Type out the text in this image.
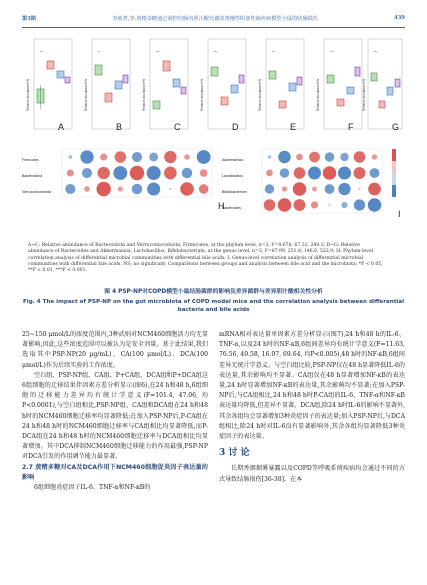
第3期	李菀菁,等.黄精多糖通过调控结肠内胆汁酸代谢改善慢性阻塞性肺疾病模型小鼠的结肠损伤	439
***	**	***	***	***	***	***
A	B	C	D	E	F	G
H
I
Relative abundance/%	Relative abundance/%	Relative abundance/%	Relative abundance/%	Relative abundance/%	Relative abundance/%	Relative abundance/%
Firmicutes
Bacteroidota
Verrucomicrobiota
Akkermansia
Lactobacillus
Bifidobacterium
Bacteroides
A~C: Relative abundance of Bacteroidota and Verrucomicrobiota, Firmicutes, at the phylum level, n=3, F=8.678, 67.32, 249.3; D~G: Relative
abundance of Bacteroides and Akkermansia, Lactobacillus, Bifidobacterium, at the genus level, n=3, F=87.99, 251.8, 146.6, 522.9; H: Phylum-level
correlation analysis of differential microbial communities with differential bile acids; I: Genus-level correlation analysis of differential microbial
communities with differential bile acids. NS: no significant; Comparisons between groups and analysis between bile acid and the microbiota: *P < 0.05,
**P < 0.01, ***P < 0.001.
图 4 PSP-NP对COPD模型小鼠结肠菌群的影响及差异菌群与差异胆汁酸相关性分析
Fig. 4 The impact of PSP-NP on the gut microbiota of COPD model mice and the correlation analysis between differential
bacteria and bile acids

25~150 μmol/L的浓度范围内,3种武则对NCM460细胞活力均无显著影响,因此,这些浓度范围可以被认为是安全剂量。基于此结果,我们选取其中PSP-NP(20 μg/mL)、CA(100 μmol/L)、DCA(100 μmol/L)作为后续实验的工作浓度。

空白组、PSP-NP组、CA组、P+CA组、DCA组和P+DCA组这6组细胞的迁移结果伴因素方差分析显示(图6),在24 h和48 h,6组细胞的迁移能力差异均有统计学意义(F=101.4, 47.06, 均P<0.0001),与空白组相比,PSP-NP组、CA组和DCA组在24 h和48 h时的NCM460细胞迁移率均显著降低;在加入PSP-NP后,P-CA组在24 h和48 h时的NCM460细胞迁移率与CA组相比均显著降低,而P-DCA组在24 h和48 h时的NCM460细胞迁移率与DCA组相比均显著增加。其中DCA抑制NCM460细胞迁移能力的作用最强,PSP-NP对DCA引发的作用调节能力最显著。

2.7 黄精多糖对CA及DCA作用下NCM460细胞促炎因子表达量的影响

6组细胞炎症因子IL-6、TNF-α和NF-κB的

mRNA相对表达量单因素方差分析显示(图7),24 h和48 h的IL-6、TNF-α,以及24 h时的NF-κB,6组间差异均有统计学意义(F=11.63, 76.56, 49.58, 16.97, 69.64, 均P<0.005),48 h时的NF-κB,6组间差异无统计学意义。与空白组比较,PSP-NP仅在48 h显著降低IL-6的表达量,其余影响均不显著。CA组仅在48 h显著增加NF-κB的表达量,24 h时显著增加NF-κB的表达量,其余影响均不显著;在加入PSP-NP后,与CA组相比,24 h和48 h时P-CA组的IL-6、TNF-α和NF-κB表达量均降低,但差异不显著。DCA组,除24 h时IL-6的影响不显著外,其余各组均会显著增加3种炎症因子的表达量;加入PSP-NP后,与DCA组相比,除24 h时对IL-6没有显著影响外,其余各组均显著降低3种炎症因子的表达量。

3 讨 论

长期香烟烟雾暴露以及COPD等呼吸系统疾病均会通过不同的方式导致结肠损伤[36-38]。在本
